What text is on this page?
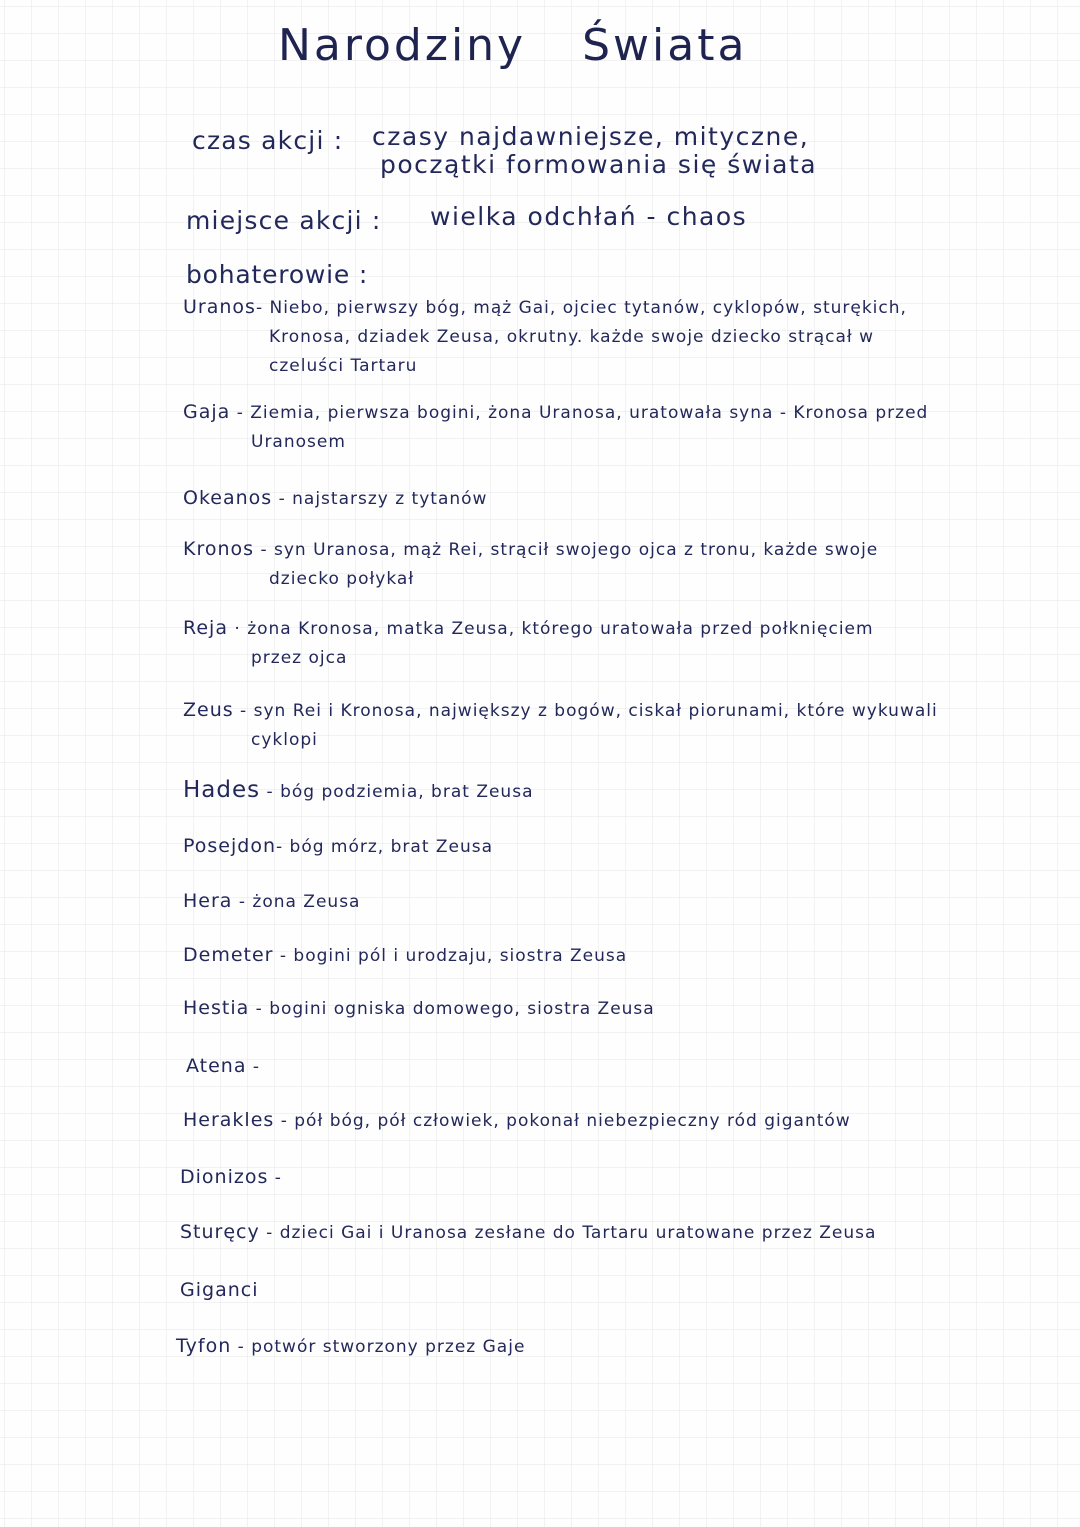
Narodziny Świata
czas akcji : czasy najdawniejsze, mityczne,
początki formowania się świata
miejsce akcji : wielka odchłań - chaos
bohaterowie :
Uranos- Niebo, pierwszy bóg, mąż Gai, ojciec tytanów, cyklopów, sturękich,
Kronosa, dziadek Zeusa, okrutny. każde swoje dziecko strącał w
czeluści Tartaru
Gaja - Ziemia, pierwsza bogini, żona Uranosa, uratowała syna - Kronosa przed
Uranosem
Okeanos - najstarszy z tytanów
Kronos - syn Uranosa, mąż Rei, strącił swojego ojca z tronu, każde swoje
dziecko połykał
Reja · żona Kronosa, matka Zeusa, którego uratowała przed połknięciem
przez ojca
Zeus - syn Rei i Kronosa, największy z bogów, ciskał piorunami, które wykuwali
cyklopi
Hades - bóg podziemia, brat Zeusa
Posejdon- bóg mórz, brat Zeusa
Hera - żona Zeusa
Demeter - bogini pól i urodzaju, siostra Zeusa
Hestia - bogini ogniska domowego, siostra Zeusa
Atena -
Herakles - pół bóg, pół człowiek, pokonał niebezpieczny ród gigantów
Dionizos -
Sturęcy - dzieci Gai i Uranosa zesłane do Tartaru uratowane przez Zeusa
Giganci
Tyfon - potwór stworzony przez Gaje
